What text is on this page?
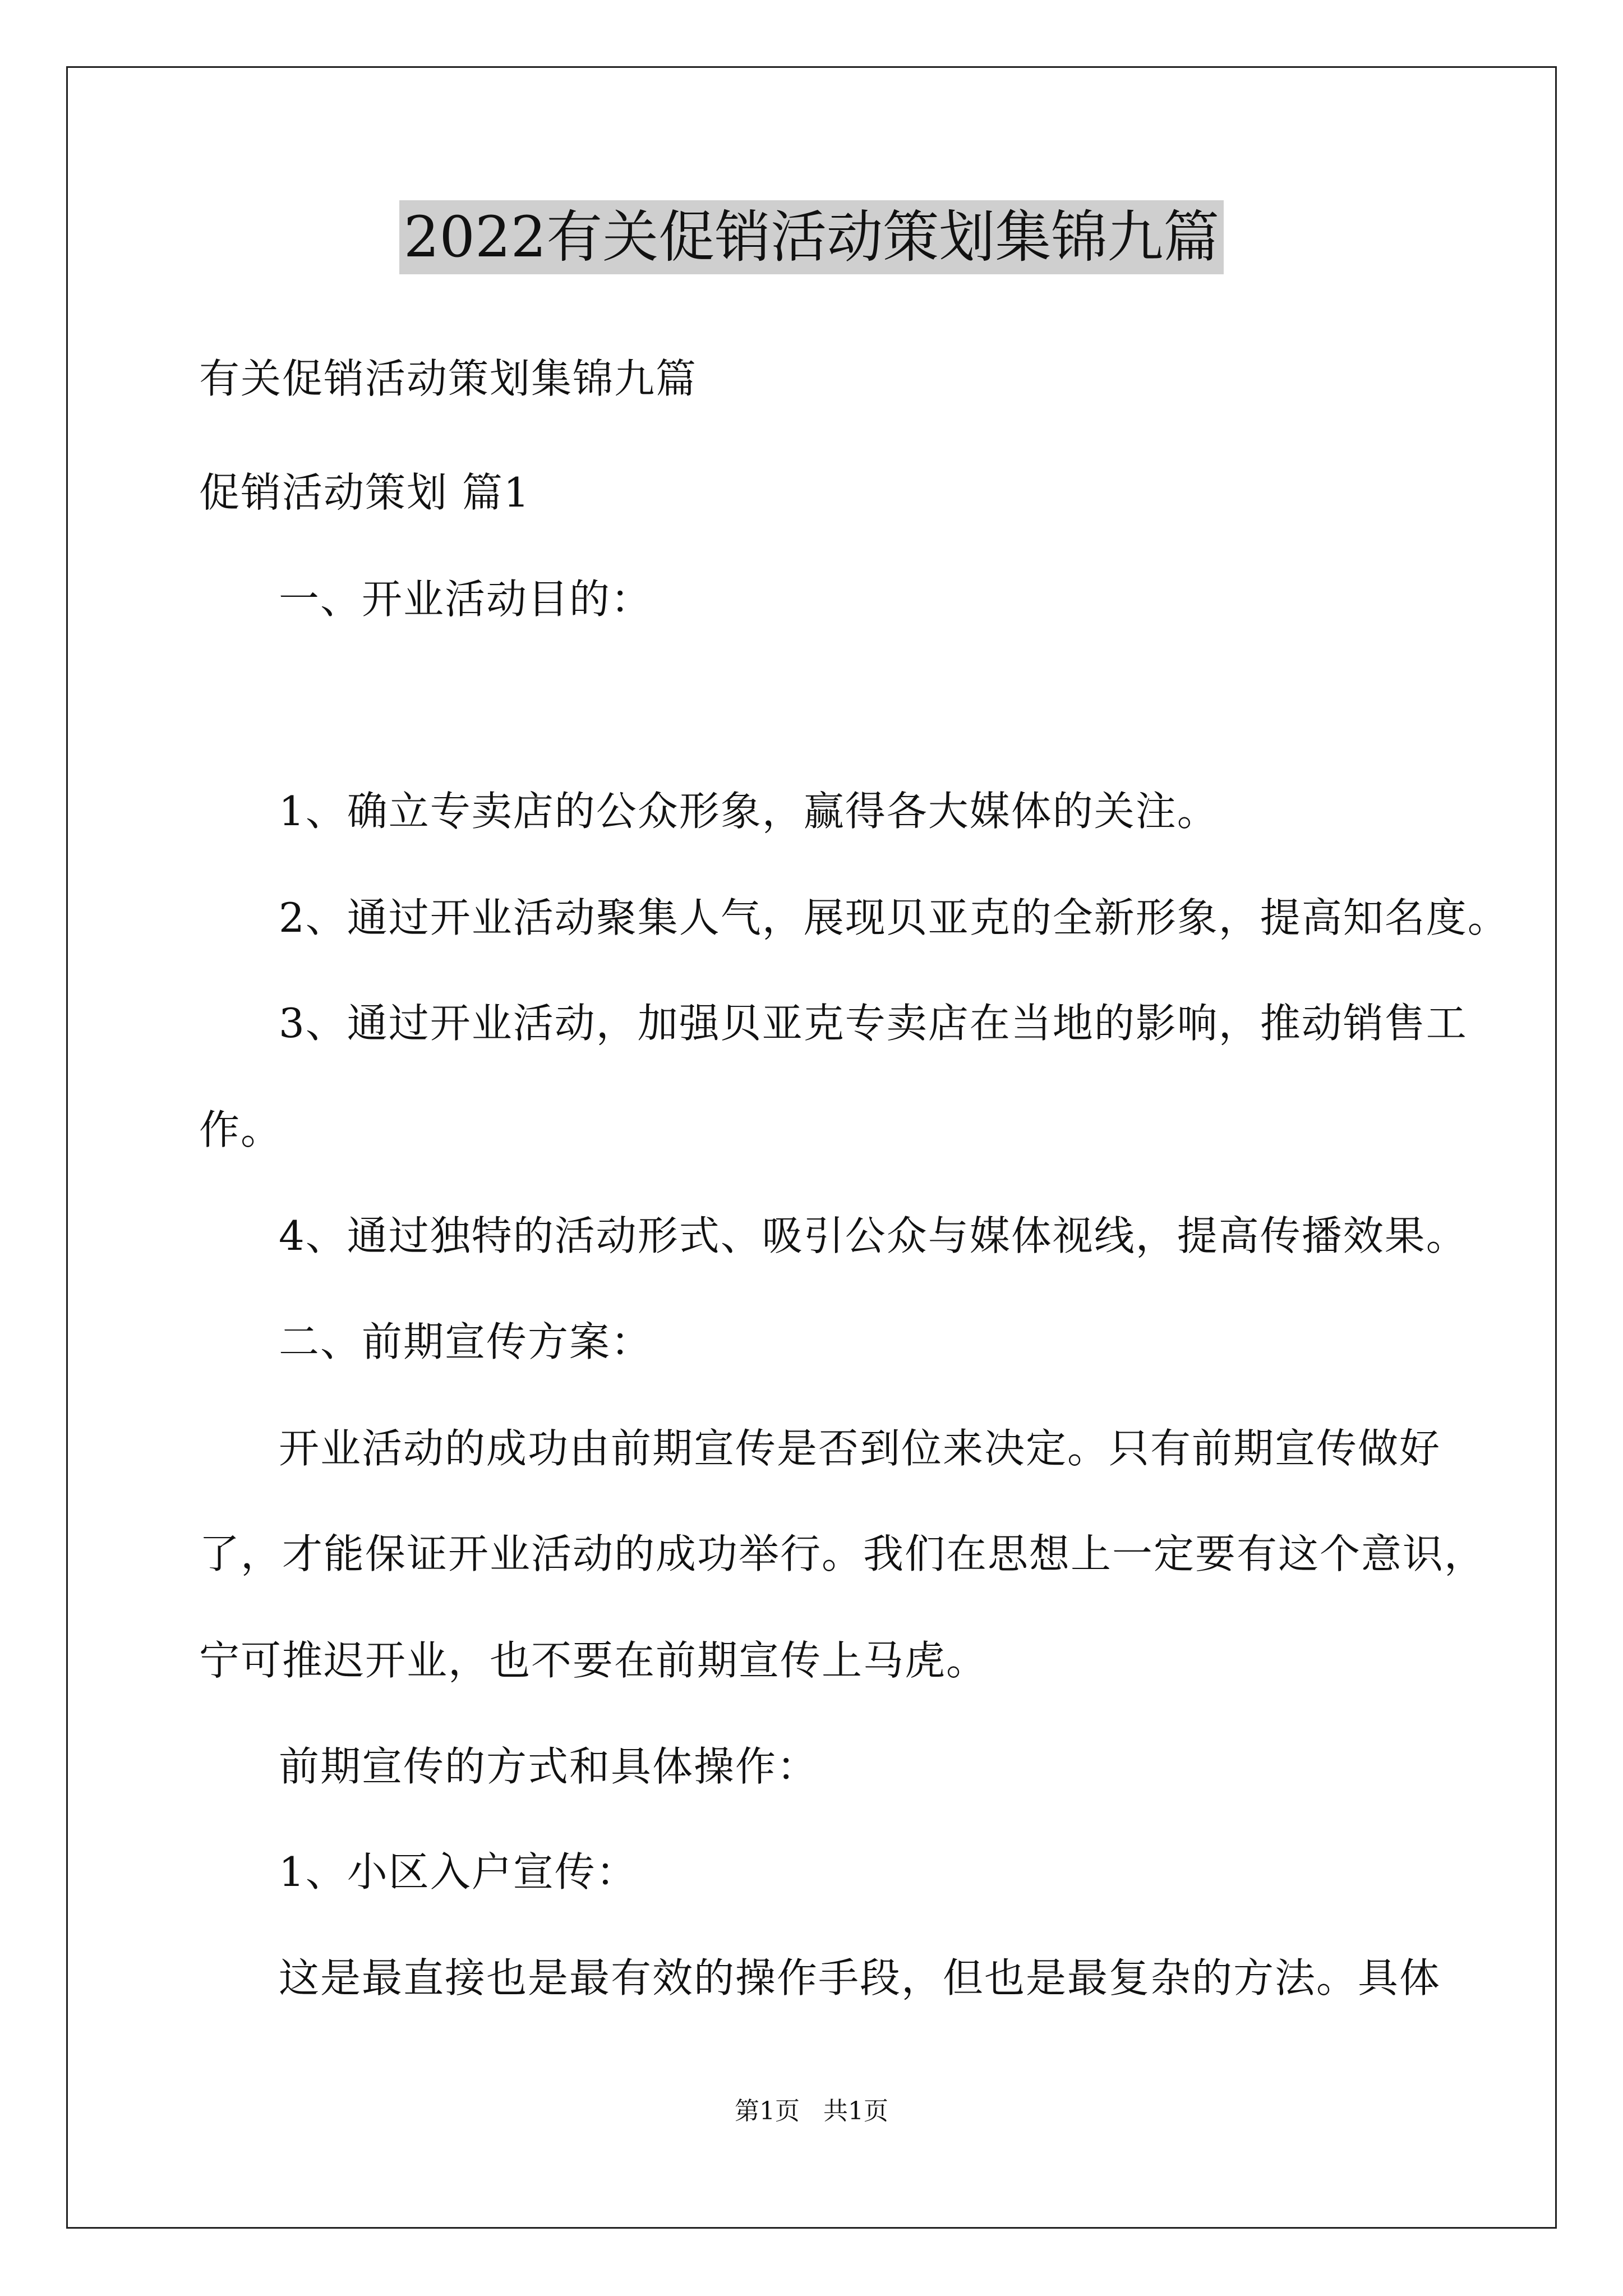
2022有关促销活动策划集锦九篇
有关促销活动策划集锦九篇
促销活动策划 篇1
一、开业活动目的：
1、确立专卖店的公众形象，赢得各大媒体的关注。
2、通过开业活动聚集人气，展现贝亚克的全新形象，提高知名度。
3、通过开业活动，加强贝亚克专卖店在当地的影响，推动销售工
作。
4、通过独特的活动形式、吸引公众与媒体视线，提高传播效果。
二、前期宣传方案：
开业活动的成功由前期宣传是否到位来决定。只有前期宣传做好
了，才能保证开业活动的成功举行。我们在思想上一定要有这个意识，
宁可推迟开业，也不要在前期宣传上马虎。
前期宣传的方式和具体操作：
1、小区入户宣传：
这是最直接也是最有效的操作手段，但也是最复杂的方法。具体
第1页   共1页
